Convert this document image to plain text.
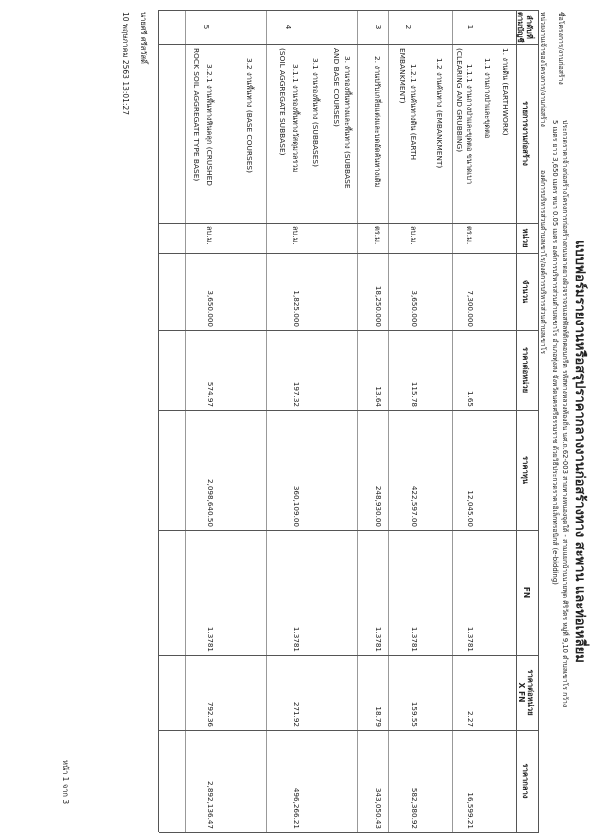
แบบฟอร์มรายงานหรือสรุปราคากลางงานก่อสร้างทาง สะพาน และท่อเหลี่ยม
ชื่อโครงการ/งานก่อสร้าง
ประกวดราคาจ้างก่อสร้างโครงการก่อสร้างถนนลาดยางผิวจราจรแอสฟัลท์ติกคอนกรีต รหัสทางหลวงท้องถิ่น นศ.ถ.62-003 สายทางหนองจุดใต้ - สามแยกบ้านนายพุด ศิริวัตร หมู่ที่ 9,10 ตำบลเขาโร กว้าง
5 เมตร ยาว 3,650 เมตร หนา 0.05 เมตร องค์การบริหารส่วนตำบลเขาโร อำเภอทุ่งสง จังหวัดนครศรีธรรมราช ด้วยวิธีประกวดราคาอิเล็กทรอนิกส์ (e-bidding)
หน่วยงานเจ้าของโครงการ/งานก่อสร้าง
องค์การบริหารส่วนตำบลเขาโร/องค์การบริหารส่วนตำบลเขาโร
ลำดับที่
ตามบัญชี
รายการงานก่อสร้าง
หน่วย
จำนวน
ราคาต่อหน่วย
ราคาทุน
FN
ราคาต่อหน่วย
X FN
ราคากลาง
1. งานดิน (EARTHWORK)
1.1 งานถางป่าและขุดตอ
1
1.1.1 งานถางป่าและขุดตอ ขนาดเบา
(CLEARING AND GRUBBING)
ตร.ม.
7,300.000
1.65
12,045.00
1.3781
2.27
16,599.21
1.2 งานคันทาง (EMBANKMENT)
2
1.2.1 งานคันทางดิน (EARTH
EMBANKMENT)
ลบ.ม.
3,650.000
115.78
422,597.00
1.3781
159.55
582,380.92
3
2. งานปรับเกลี่ยแต่งและบดอัดคันทางเดิม
ตร.ม.
18,250.000
13.64
248,930.00
1.3781
18.79
343,050.43
3. งานรองพื้นทางและพื้นทาง (SUBBASE
AND BASE COURSES)
3.1 งานรองพื้นทาง (SUBBASES)
4
3.1.1 งานรองพื้นทางวัสดุมวลรวม
(SOIL AGGREGATE SUBBASE)
ลบ.ม.
1,825.000
197.32
360,109.00
1.3781
271.92
496,266.21
3.2 งานพื้นทาง (BASE COURSES)
5
3.2.1 งานพื้นทางหินคลุก (CRUSHED
ROCK SOIL AGGREGATE TYPE BASE)
ลบ.ม.
3,650.000
574.97
2,098,640.50
1.3781
792.36
2,892,136.47
นายศรี ศรีสวัสดิ์
10 พฤษภาคม 2563 13:01:27
หน้า 1 จาก 3
